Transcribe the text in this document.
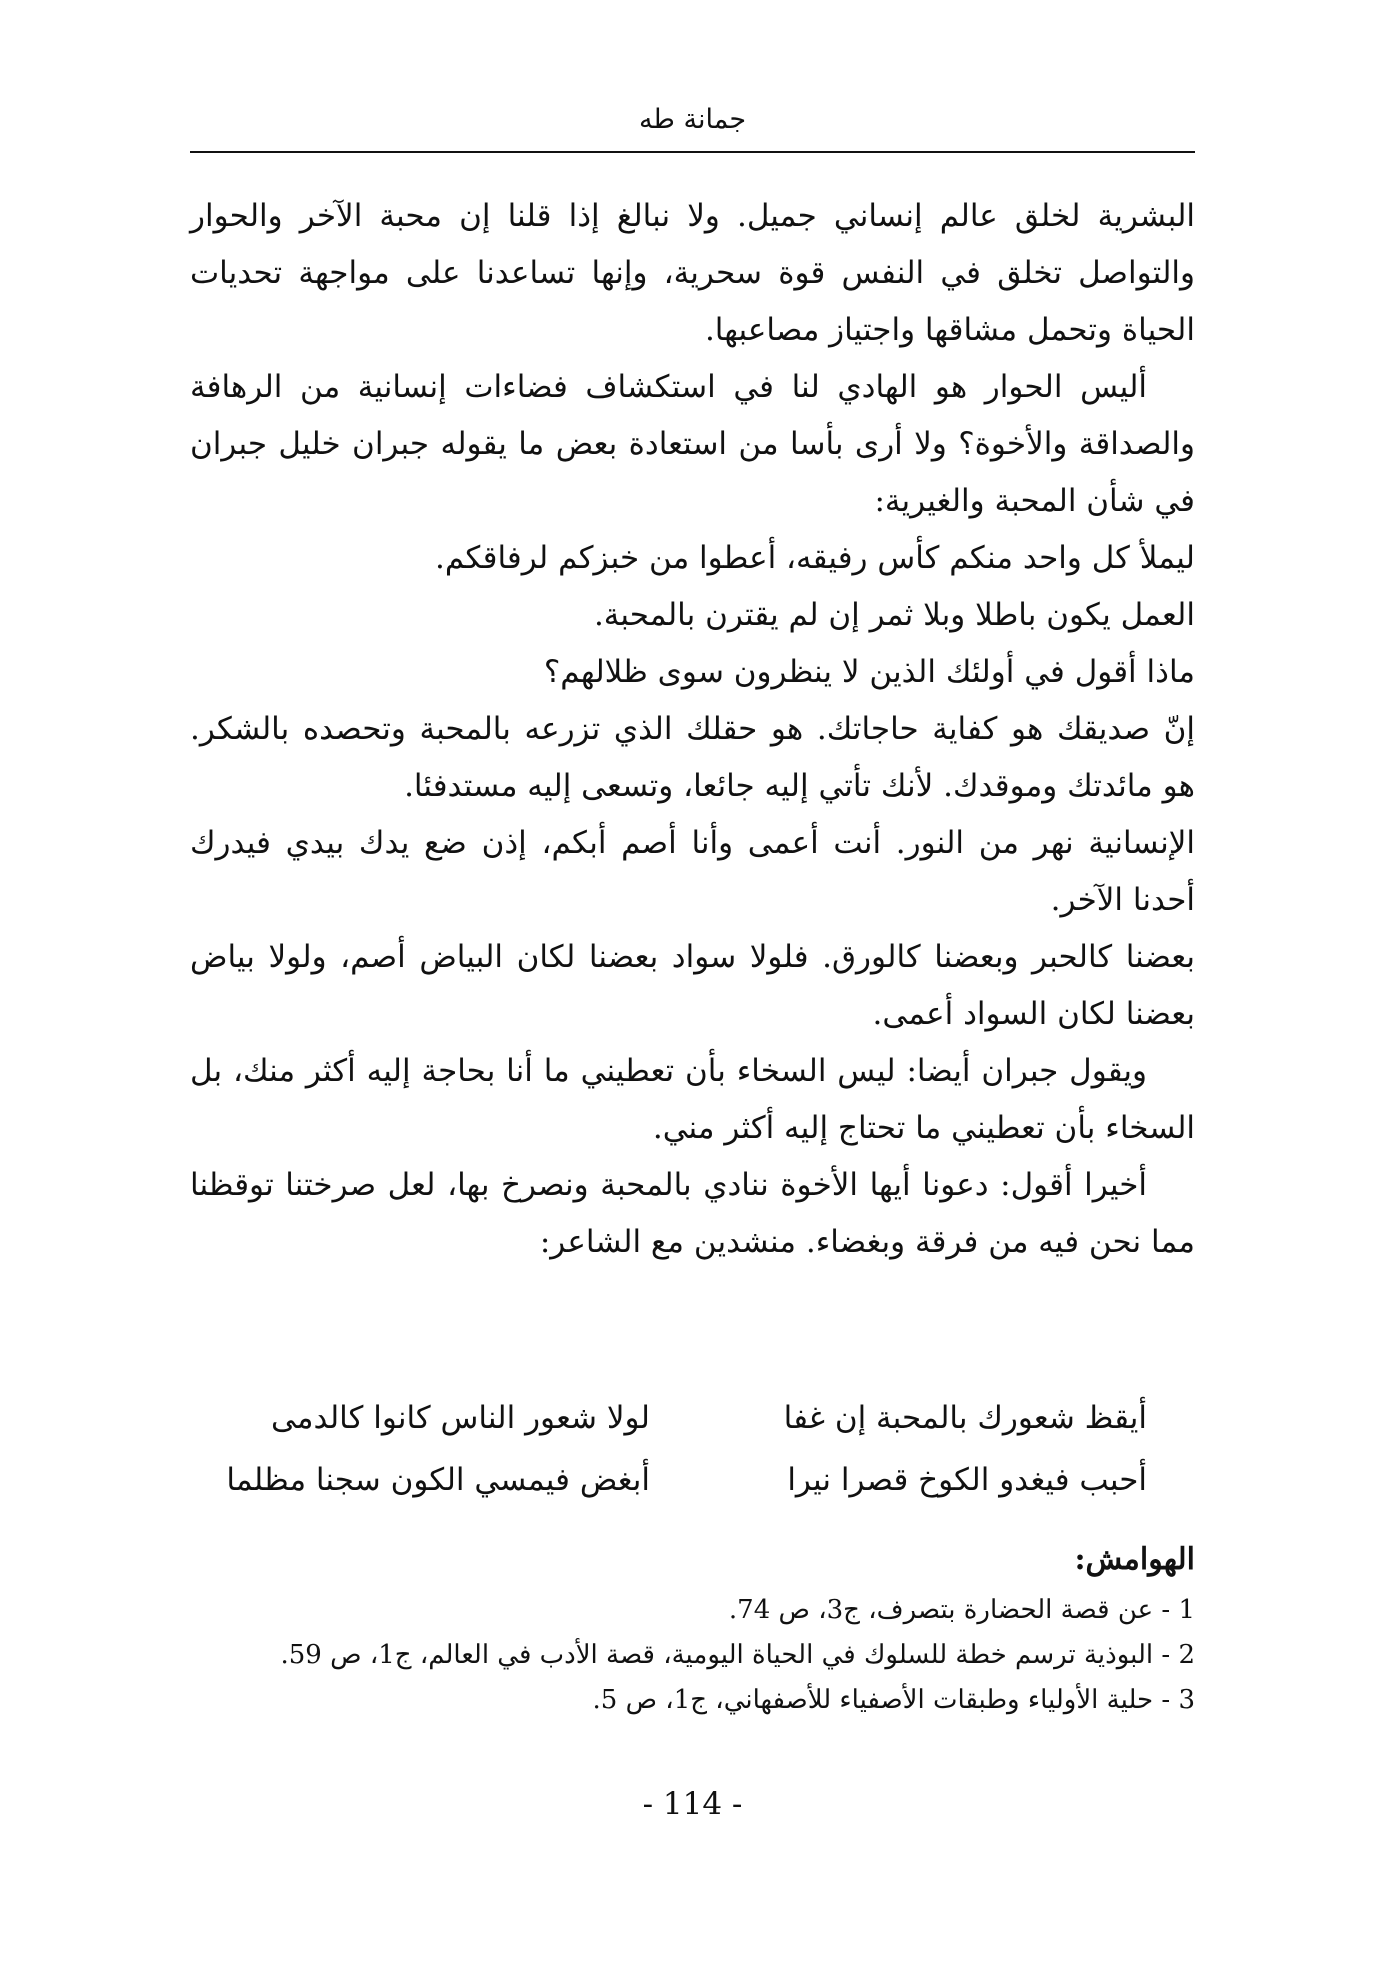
جمانة طه

البشرية لخلق عالم إنساني جميل. ولا نبالغ إذا قلنا إن محبة الآخر والحوار والتواصل تخلق في النفس قوة سحرية، وإنها تساعدنا على مواجهة تحديات الحياة وتحمل مشاقها واجتياز مصاعبها.

أليس الحوار هو الهادي لنا في استكشاف فضاءات إنسانية من الرهافة والصداقة والأخوة؟ ولا أرى بأسا من استعادة بعض ما يقوله جبران خليل جبران في شأن المحبة والغيرية:

ليملأ كل واحد منكم كأس رفيقه، أعطوا من خبزكم لرفاقكم.

العمل يكون باطلا وبلا ثمر إن لم يقترن بالمحبة.

ماذا أقول في أولئك الذين لا ينظرون سوى ظلالهم؟

إنّ صديقك هو كفاية حاجاتك. هو حقلك الذي تزرعه بالمحبة وتحصده بالشكر. هو مائدتك وموقدك. لأنك تأتي إليه جائعا، وتسعى إليه مستدفئا.

الإنسانية نهر من النور. أنت أعمى وأنا أصم أبكم، إذن ضع يدك بيدي فيدرك أحدنا الآخر.

بعضنا كالحبر وبعضنا كالورق. فلولا سواد بعضنا لكان البياض أصم، ولولا بياض بعضنا لكان السواد أعمى.

ويقول جبران أيضا: ليس السخاء بأن تعطيني ما أنا بحاجة إليه أكثر منك، بل السخاء بأن تعطيني ما تحتاج إليه أكثر مني.

أخيرا أقول: دعونا أيها الأخوة ننادي بالمحبة ونصرخ بها، لعل صرختنا توقظنا مما نحن فيه من فرقة وبغضاء. منشدين مع الشاعر:

أيقظ شعورك بالمحبة إن غفا
لولا شعور الناس كانوا كالدمى
أحبب فيغدو الكوخ قصرا نيرا
أبغض فيمسي الكون سجنا مظلما
الهوامش:
1 - عن قصة الحضارة بتصرف، ج3، ص 74.
2 - البوذية ترسم خطة للسلوك في الحياة اليومية، قصة الأدب في العالم، ج1، ص 59.
3 - حلية الأولياء وطبقات الأصفياء للأصفهاني، ج1، ص 5.
- 114 -
